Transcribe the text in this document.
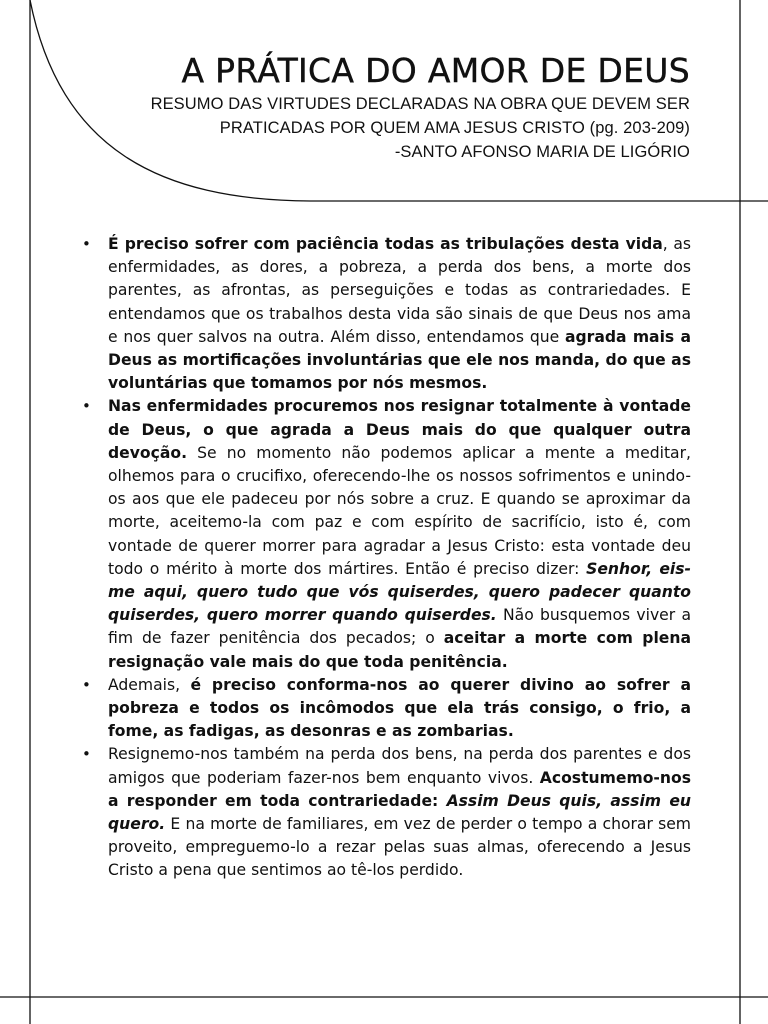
A PRÁTICA DO AMOR DE DEUS

RESUMO DAS VIRTUDES DECLARADAS NA OBRA QUE DEVEM SER

PRATICADAS POR QUEM AMA JESUS CRISTO (pg. 203-209)

-SANTO AFONSO MARIA DE LIGÓRIO

• É preciso sofrer com paciência todas as tribulações desta vida, as enfermidades, as dores, a pobreza, a perda dos bens, a morte dos parentes, as afrontas, as perseguições e todas as contrariedades. E entendamos que os trabalhos desta vida são sinais de que Deus nos ama e nos quer salvos na outra. Além disso, entendamos que agrada mais a Deus as mortificações involuntárias que ele nos manda, do que as voluntárias que tomamos por nós mesmos.
• Nas enfermidades procuremos nos resignar totalmente à vontade de Deus, o que agrada a Deus mais do que qualquer outra devoção. Se no momento não podemos aplicar a mente a meditar, olhemos para o crucifixo, oferecendo-lhe os nossos sofrimentos e unindo-os aos que ele padeceu por nós sobre a cruz. E quando se aproximar da morte, aceitemo-la com paz e com espírito de sacrifício, isto é, com vontade de querer morrer para agradar a Jesus Cristo: esta vontade deu todo o mérito à morte dos mártires. Então é preciso dizer: Senhor, eis-me aqui, quero tudo que vós quiserdes, quero padecer quanto quiserdes, quero morrer quando quiserdes. Não busquemos viver a fim de fazer penitência dos pecados; o aceitar a morte com plena resignação vale mais do que toda penitência.
• Ademais, é preciso conforma-nos ao querer divino ao sofrer a pobreza e todos os incômodos que ela trás consigo, o frio, a fome, as fadigas, as desonras e as zombarias.
• Resignemo-nos também na perda dos bens, na perda dos parentes e dos amigos que poderiam fazer-nos bem enquanto vivos. Acostumemo-nos a responder em toda contrariedade: Assim Deus quis, assim eu quero. E na morte de familiares, em vez de perder o tempo a chorar sem proveito, empreguemo-lo a rezar pelas suas almas, oferecendo a Jesus Cristo a pena que sentimos ao tê-los perdido.
